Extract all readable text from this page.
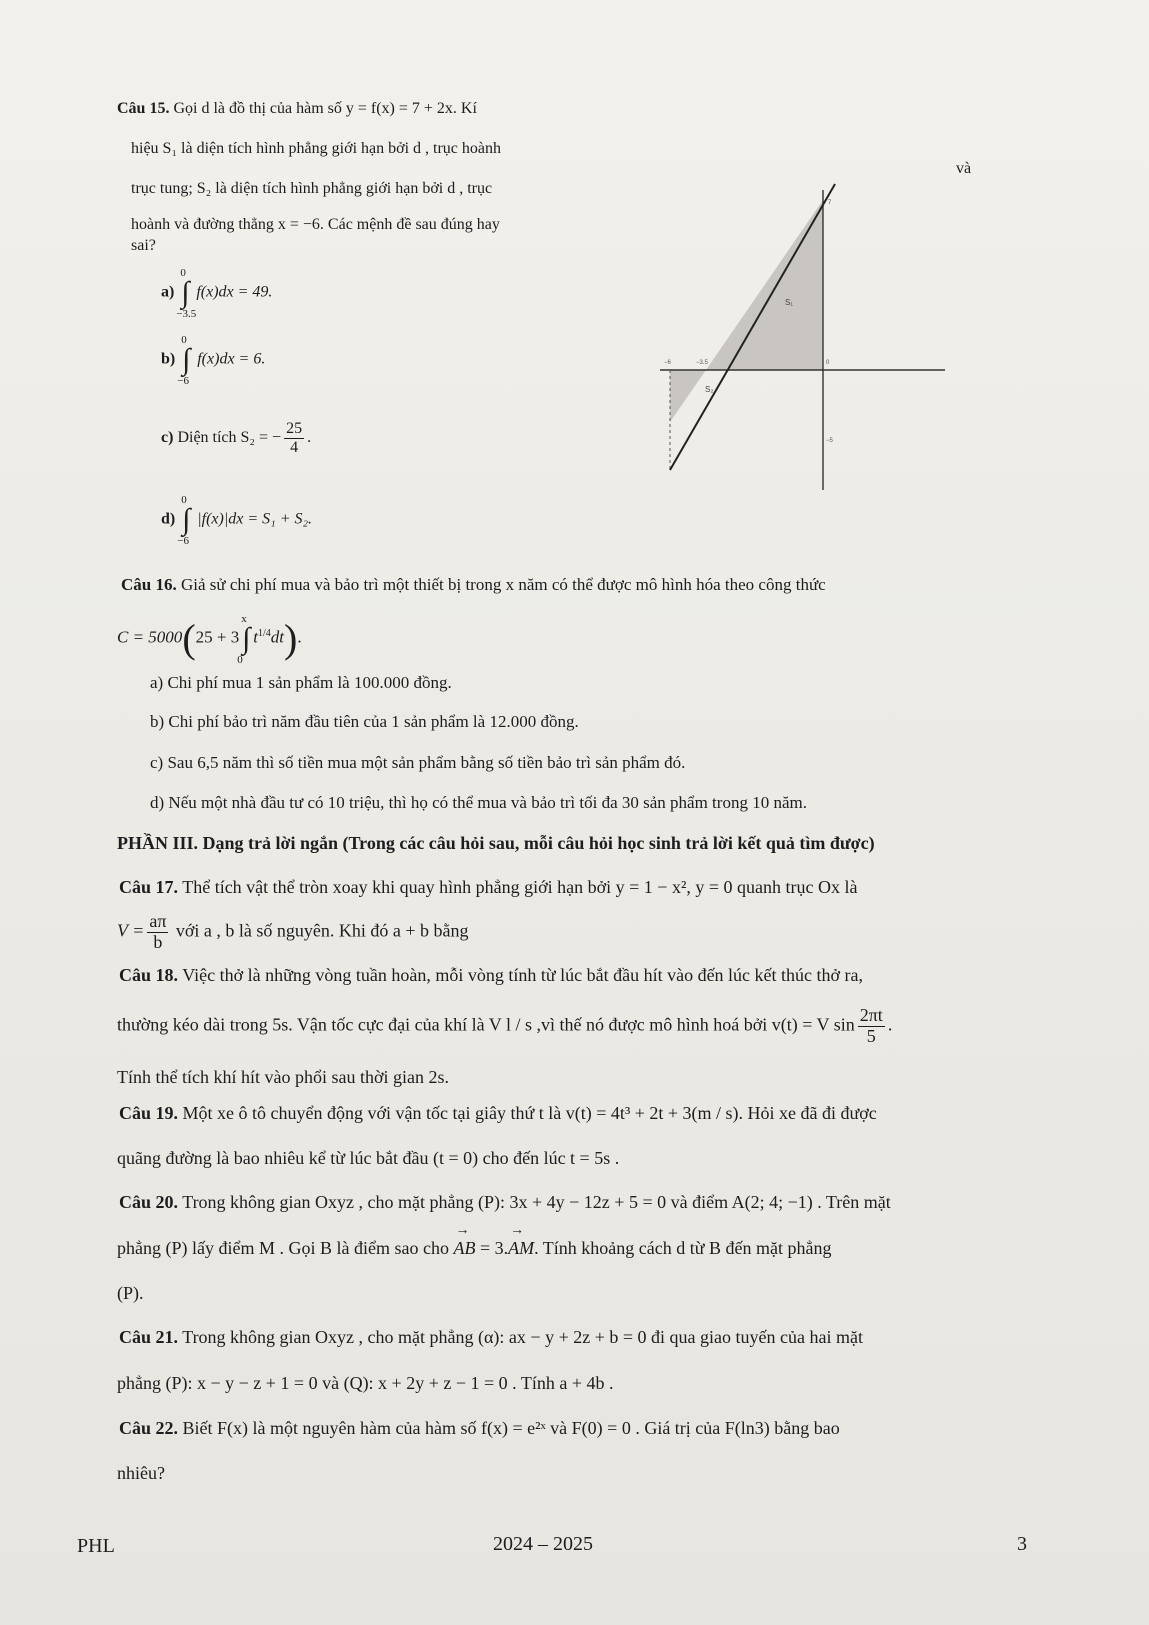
Câu 15. Gọi d là đồ thị của hàm số y = f(x) = 7 + 2x. Kí
hiệu S₁ là diện tích hình phẳng giới hạn bởi d , trục hoành
và
trục tung; S₂ là diện tích hình phẳng giới hạn bởi d , trục
hoành và đường thẳng x = −6. Các mệnh đề sau đúng hay
sai?
a) ∫
0
−3.5
f(x)dx = 49.
b) ∫
0
−6
f(x)dx = 6.
c) Diện tích S₂ = − $\frac{25}{4}$ .
d) ∫
0
−6
|f(x)|dx = S₁ + S₂.
S₁
S₂
−6	−3.5	0
7
−5
Câu 16. Giả sử chi phí mua và bảo trì một thiết bị trong x năm có thể được mô hình hóa theo công thức
C = 5000(25 + 3∫
x
0
$t^{1/4}dt$).
a) Chi phí mua 1 sản phẩm là 100.000 đồng.
b) Chi phí bảo trì năm đầu tiên của 1 sản phẩm là 12.000 đồng.
c) Sau 6,5 năm thì số tiền mua một sản phẩm bằng số tiền bảo trì sản phẩm đó.
d) Nếu một nhà đầu tư có 10 triệu, thì họ có thể mua và bảo trì tối đa 30 sản phẩm trong 10 năm.
PHẦN III. Dạng trả lời ngắn (Trong các câu hỏi sau, mỗi câu hỏi học sinh trả lời kết quả tìm được)
Câu 17. Thể tích vật thể tròn xoay khi quay hình phẳng giới hạn bởi y = 1 − x², y = 0 quanh trục Ox là
$V = \frac{a\pi}{b}$ với a , b là số nguyên. Khi đó a + b bằng
Câu 18. Việc thở là những vòng tuần hoàn, mỗi vòng tính từ lúc bắt đầu hít vào đến lúc kết thúc thở ra,
thường kéo dài trong 5s. Vận tốc cực đại của khí là V l / s ,vì thế nó được mô hình hoá bởi v(t) = V $\sin \frac{2\pi t}{5}$ .
Tính thể tích khí hít vào phổi sau thời gian 2s.
Câu 19. Một xe ô tô chuyển động với vận tốc tại giây thứ t là v(t) = 4t³ + 2t + 3(m / s). Hỏi xe đã đi được
quãng đường là bao nhiêu kể từ lúc bắt đầu (t = 0) cho đến lúc t = 5s .
Câu 20. Trong không gian Oxyz , cho mặt phẳng (P): 3x + 4y − 12z + 5 = 0 và điểm A(2; 4; −1) . Trên mặt
phẳng (P) lấy điểm M . Gọi B là điểm sao cho → AB = 3.→ AM. Tính khoảng cách d từ B đến mặt phẳng
(P).
Câu 21. Trong không gian Oxyz , cho mặt phẳng (α): ax − y + 2z + b = 0 đi qua giao tuyến của hai mặt
phẳng (P): x − y − z + 1 = 0 và (Q): x + 2y + z − 1 = 0 . Tính a + 4b .
Câu 22. Biết F(x) là một nguyên hàm của hàm số f(x) = e²ˣ và F(0) = 0 . Giá trị của F(ln3) bằng bao
nhiêu?
PHL	2024 – 2025	3
